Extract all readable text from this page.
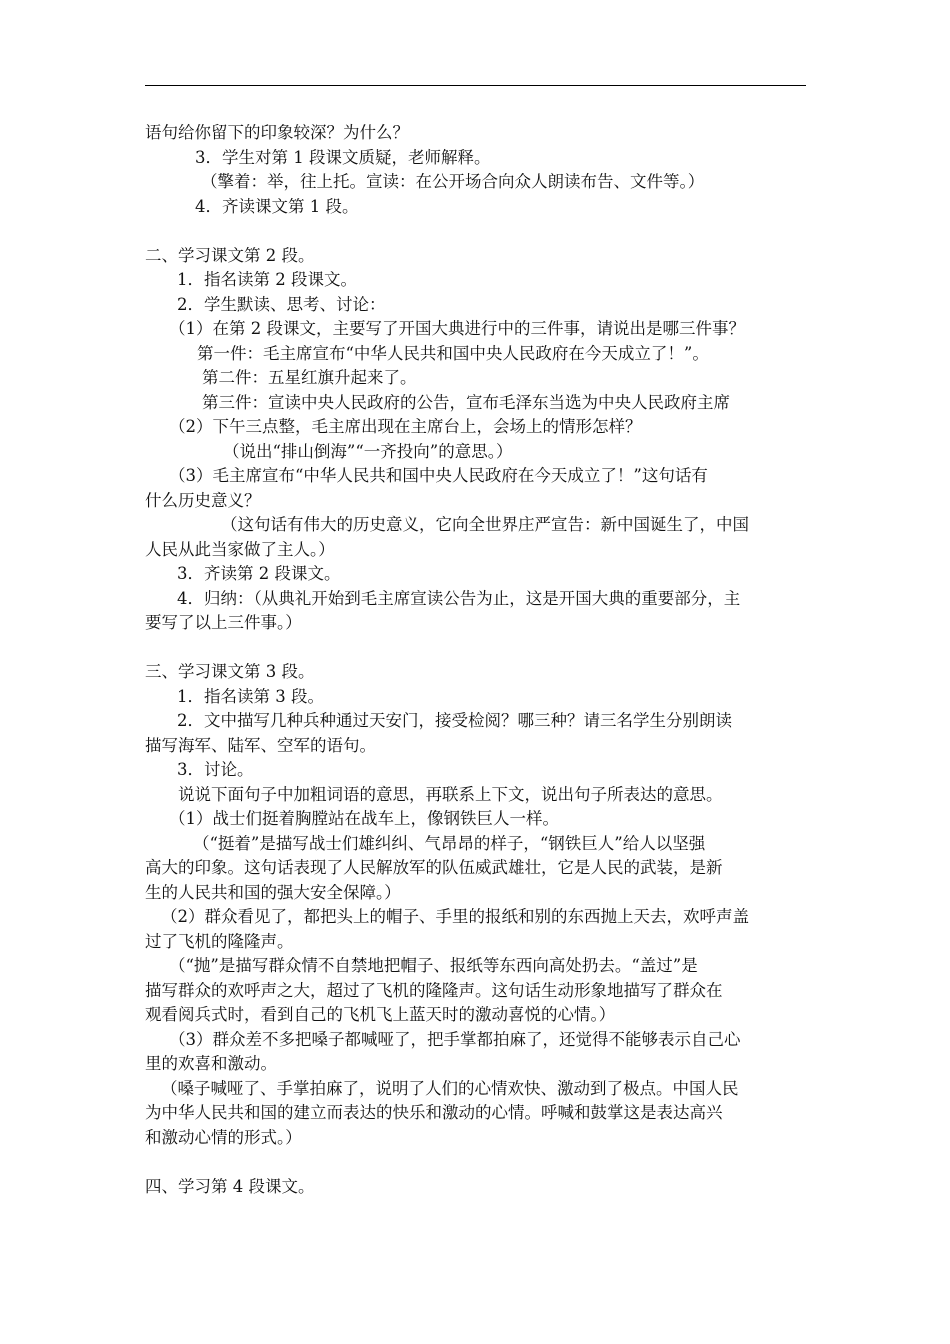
语句给你留下的印象较深？为什么？
3．学生对第 1 段课文质疑，老师解释。
（擎着：举，往上托。宣读：在公开场合向众人朗读布告、文件等。）
4．齐读课文第 1 段。
二、学习课文第 2 段。
1．指名读第 2 段课文。
2．学生默读、思考、讨论：
（1）在第 2 段课文，主要写了开国大典进行中的三件事，请说出是哪三件事？
第一件：毛主席宣布“中华人民共和国中央人民政府在今天成立了！”。
第二件：五星红旗升起来了。
第三件：宣读中央人民政府的公告，宣布毛泽东当选为中央人民政府主席
（2）下午三点整，毛主席出现在主席台上，会场上的情形怎样？
（说出“排山倒海”“一齐投向”的意思。）
（3）毛主席宣布“中华人民共和国中央人民政府在今天成立了！”这句话有
什么历史意义？
（这句话有伟大的历史意义，它向全世界庄严宣告：新中国诞生了，中国
人民从此当家做了主人。）
3．齐读第 2 段课文。
4．归纳：（从典礼开始到毛主席宣读公告为止，这是开国大典的重要部分，主
要写了以上三件事。）
三、学习课文第 3 段。
1．指名读第 3 段。
2．文中描写几种兵种通过天安门，接受检阅？哪三种？请三名学生分别朗读
描写海军、陆军、空军的语句。
3．讨论。
说说下面句子中加粗词语的意思，再联系上下文，说出句子所表达的意思。
（1）战士们挺着胸膛站在战车上，像钢铁巨人一样。
（“挺着”是描写战士们雄纠纠、气昂昂的样子，“钢铁巨人”给人以坚强
高大的印象。这句话表现了人民解放军的队伍威武雄壮，它是人民的武装，是新
生的人民共和国的强大安全保障。）
（2）群众看见了，都把头上的帽子、手里的报纸和别的东西抛上天去，欢呼声盖
过了飞机的隆隆声。
（“抛”是描写群众情不自禁地把帽子、报纸等东西向高处扔去。“盖过”是
描写群众的欢呼声之大，超过了飞机的隆隆声。这句话生动形象地描写了群众在
观看阅兵式时，看到自己的飞机飞上蓝天时的激动喜悦的心情。）
（3）群众差不多把嗓子都喊哑了，把手掌都拍麻了，还觉得不能够表示自己心
里的欢喜和激动。
（嗓子喊哑了、手掌拍麻了，说明了人们的心情欢快、激动到了极点。中国人民
为中华人民共和国的建立而表达的快乐和激动的心情。呼喊和鼓掌这是表达高兴
和激动心情的形式。）
四、学习第 4 段课文。
